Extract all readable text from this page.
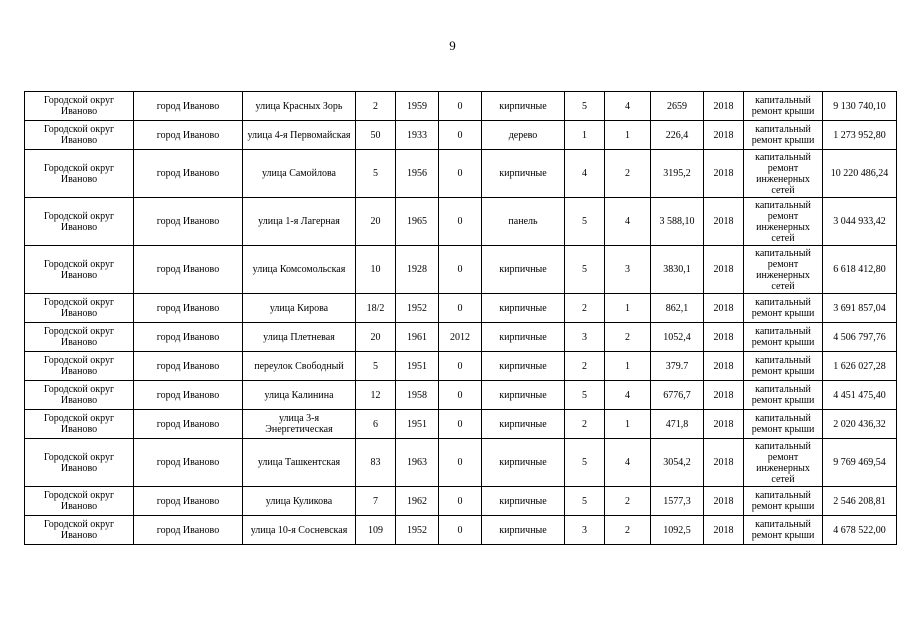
9
Городской округ Иваново	город Иваново	улица Красных Зорь	2	1959	0	кирпичные	5	4	2659	2018	капитальный ремонт крыши	9 130 740,10
Городской округ Иваново	город Иваново	улица 4-я Первомайская	50	1933	0	дерево	1	1	226,4	2018	капитальный ремонт крыши	1 273 952,80
Городской округ Иваново	город Иваново	улица Самойлова	5	1956	0	кирпичные	4	2	3195,2	2018	капитальный ремонт инженерных сетей	10 220 486,24
Городской округ Иваново	город Иваново	улица 1-я Лагерная	20	1965	0	панель	5	4	3 588,10	2018	капитальный ремонт инженерных сетей	3 044 933,42
Городской округ Иваново	город Иваново	улица Комсомольская	10	1928	0	кирпичные	5	3	3830,1	2018	капитальный ремонт инженерных сетей	6 618 412,80
Городской округ Иваново	город Иваново	улица Кирова	18/2	1952	0	кирпичные	2	1	862,1	2018	капитальный ремонт крыши	3 691 857,04
Городской округ Иваново	город Иваново	улица Плетневая	20	1961	2012	кирпичные	3	2	1052,4	2018	капитальный ремонт крыши	4 506 797,76
Городской округ Иваново	город Иваново	переулок Свободный	5	1951	0	кирпичные	2	1	379.7	2018	капитальный ремонт крыши	1 626 027,28
Городской округ Иваново	город Иваново	улица Калинина	12	1958	0	кирпичные	5	4	6776,7	2018	капитальный ремонт крыши	4 451 475,40
Городской округ Иваново	город Иваново	улица 3-я Энергетическая	6	1951	0	кирпичные	2	1	471,8	2018	капитальный ремонт крыши	2 020 436,32
Городской округ Иваново	город Иваново	улица Ташкентская	83	1963	0	кирпичные	5	4	3054,2	2018	капитальный ремонт инженерных сетей	9 769 469,54
Городской округ Иваново	город Иваново	улица Куликова	7	1962	0	кирпичные	5	2	1577,3	2018	капитальный ремонт крыши	2 546 208,81
Городской округ Иваново	город Иваново	улица 10-я Сосневская	109	1952	0	кирпичные	3	2	1092,5	2018	капитальный ремонт крыши	4 678 522,00
